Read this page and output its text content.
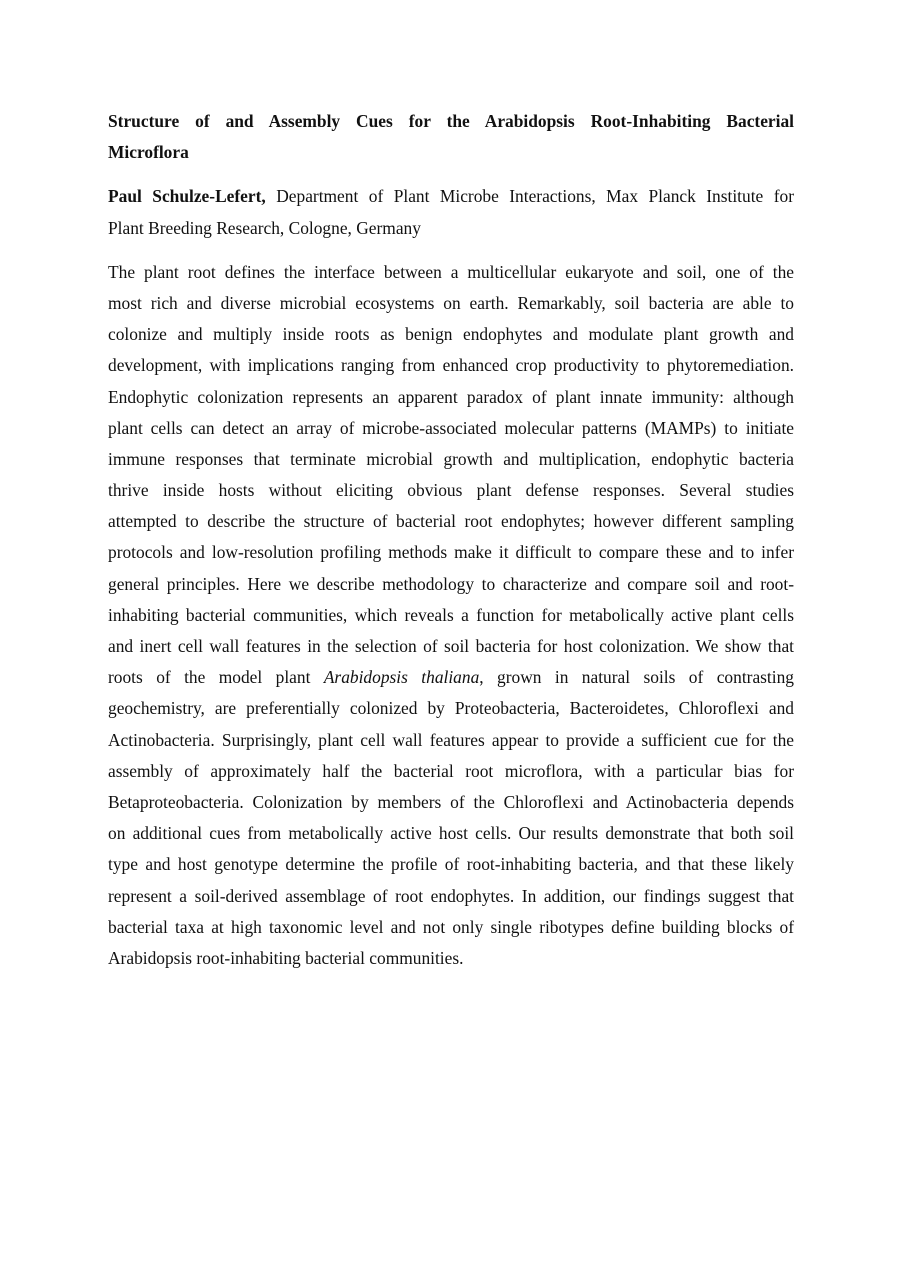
Structure of and Assembly Cues for the Arabidopsis Root-Inhabiting Bacterial
Microflora
Paul Schulze-Lefert, Department of Plant Microbe Interactions, Max Planck Institute for
Plant Breeding Research, Cologne, Germany
The plant root defines the interface between a multicellular eukaryote and soil, one of the
most rich and diverse microbial ecosystems on earth. Remarkably, soil bacteria are able to
colonize and multiply inside roots as benign endophytes and modulate plant growth and
development, with implications ranging from enhanced crop productivity to phytoremediation.
Endophytic colonization represents an apparent paradox of plant innate immunity: although
plant cells can detect an array of microbe-associated molecular patterns (MAMPs) to initiate
immune responses that terminate microbial growth and multiplication, endophytic bacteria
thrive inside hosts without eliciting obvious plant defense responses. Several studies
attempted to describe the structure of bacterial root endophytes; however different sampling
protocols and low-resolution profiling methods make it difficult to compare these and to infer
general principles. Here we describe methodology to characterize and compare soil and root-
inhabiting bacterial communities, which reveals a function for metabolically active plant cells
and inert cell wall features in the selection of soil bacteria for host colonization. We show that
roots of the model plant Arabidopsis thaliana, grown in natural soils of contrasting
geochemistry, are preferentially colonized by Proteobacteria, Bacteroidetes, Chloroflexi and
Actinobacteria. Surprisingly, plant cell wall features appear to provide a sufficient cue for the
assembly of approximately half the bacterial root microflora, with a particular bias for
Betaproteobacteria. Colonization by members of the Chloroflexi and Actinobacteria depends
on additional cues from metabolically active host cells. Our results demonstrate that both soil
type and host genotype determine the profile of root-inhabiting bacteria, and that these likely
represent a soil-derived assemblage of root endophytes. In addition, our findings suggest that
bacterial taxa at high taxonomic level and not only single ribotypes define building blocks of
Arabidopsis root-inhabiting bacterial communities.
